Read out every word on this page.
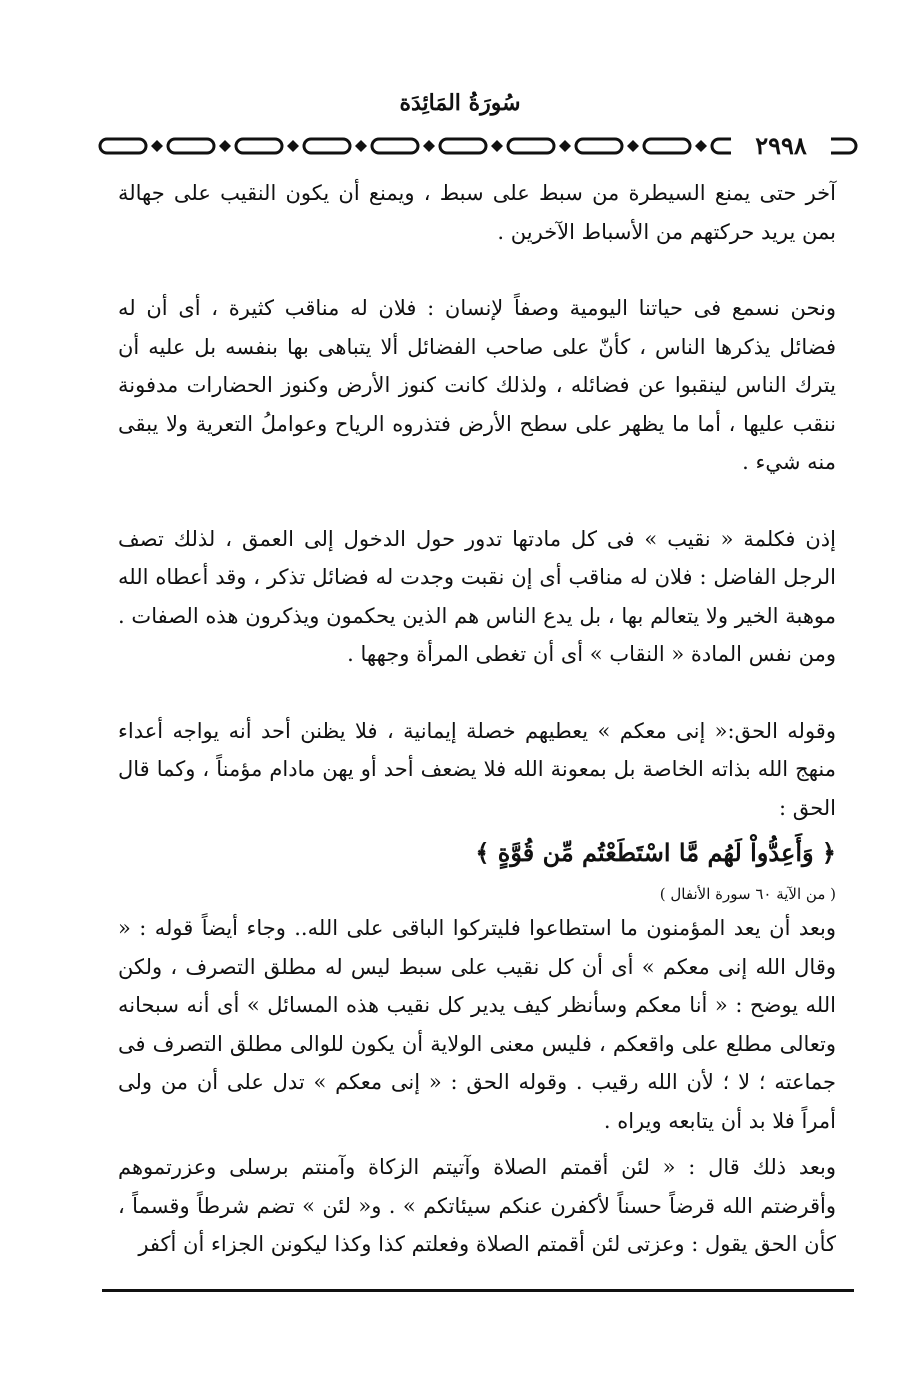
سُورَةُ المَائِدَة
٢٩٩٨

آخر حتى يمنع السيطرة من سبط على سبط ، ويمنع أن يكون النقيب على جهالة بمن يريد حركتهم من الأسباط الآخرين .

ونحن نسمع فى حياتنا اليومية وصفاً لإنسان : فلان له مناقب كثيرة ، أى أن له فضائل يذكرها الناس ، كأنّ على صاحب الفضائل ألا يتباهى بها بنفسه بل عليه أن يترك الناس لينقبوا عن فضائله ، ولذلك كانت كنوز الأرض وكنوز الحضارات مدفونة ننقب عليها ، أما ما يظهر على سطح الأرض فتذروه الرياح وعواملُ التعرية ولا يبقى منه شيء .

إذن فكلمة « نقيب » فى كل مادتها تدور حول الدخول إلى العمق ، لذلك تصف الرجل الفاضل : فلان له مناقب أى إن نقبت وجدت له فضائل تذكر ، وقد أعطاه الله موهبة الخير ولا يتعالم بها ، بل يدع الناس هم الذين يحكمون ويذكرون هذه الصفات . ومن نفس المادة « النقاب » أى أن تغطى المرأة وجهها .

وقوله الحق:« إنى معكم » يعطيهم خصلة إيمانية ، فلا يظنن أحد أنه يواجه أعداء منهج الله بذاته الخاصة بل بمعونة الله فلا يضعف أحد أو يهن مادام مؤمناً ، وكما قال الحق :

﴿ وَأَعِدُّواْ لَهُم مَّا اسْتَطَعْتُم مِّن قُوَّةٍ ﴾
( من الآية ٦٠ سورة الأنفال )

وبعد أن يعد المؤمنون ما استطاعوا فليتركوا الباقى على الله.. وجاء أيضاً قوله : « وقال الله إنى معكم » أى أن كل نقيب على سبط ليس له مطلق التصرف ، ولكن الله يوضح : « أنا معكم وسأنظر كيف يدير كل نقيب هذه المسائل » أى أنه سبحانه وتعالى مطلع على واقعكم ، فليس معنى الولاية أن يكون للوالى مطلق التصرف فى جماعته ؛ لا ؛ لأن الله رقيب . وقوله الحق : « إنى معكم » تدل على أن من ولى أمراً فلا بد أن يتابعه ويراه .

وبعد ذلك قال : « لئن أقمتم الصلاة وآتيتم الزكاة وآمنتم برسلى وعزرتموهم وأقرضتم الله قرضاً حسناً لأكفرن عنكم سيئاتكم » . و« لئن » تضم شرطاً وقسماً ، كأن الحق يقول : وعزتى لئن أقمتم الصلاة وفعلتم كذا وكذا ليكونن الجزاء أن أكفر
